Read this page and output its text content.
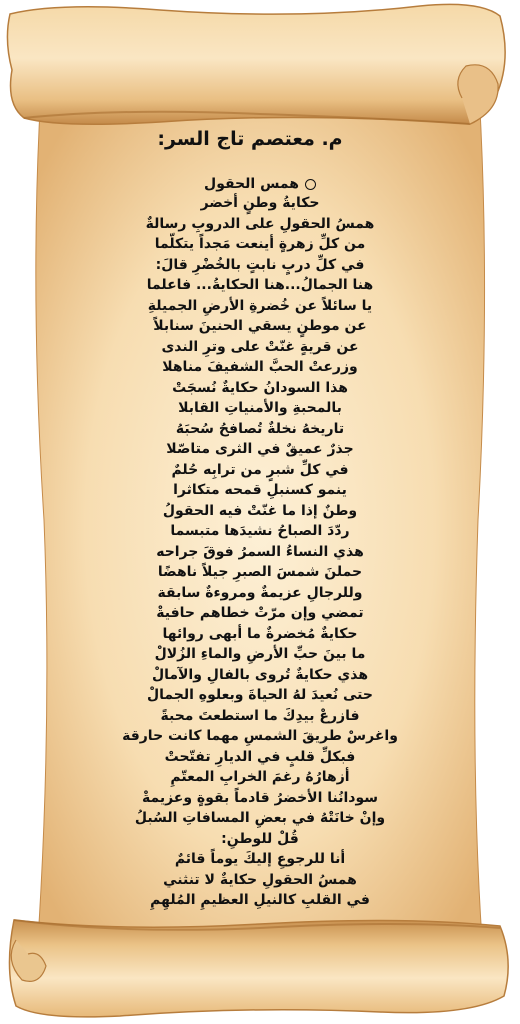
م. معتصم تاج السر:
همس الحقول
حكايةُ وطنٍ أخضر
همسُ الحقولِ على الدروبِ رسالةٌ
من كلِّ زهرةٍ أينعت مَجداً يتكلّما
في كلِّ دربٍ نابتٍ بالخُضْرِ قالَ:
هنا الجمالُ...هنا الحكايةُ... فاعلما
يا سائلاً عن خُضرةِ الأرضِ الجميلةِ
عن موطنٍ يسقي الحنينَ سنابلاً
عن قريةٍ غنّتْ على وترِ الندى
وزرعتْ الحبَّ الشفيفَ مناهلا
هذا السودانُ حكايةٌ نُسجَتْ
بالمحبةِ والأمنياتِ القابلا
تاريخهُ نخلةٌ تُصافحُ سُحبَهُ
جذرٌ عميقٌ في الثرى متاصّلا
في كلِّ شبرٍ من ترابِه حُلمٌ
ينمو كسنبلِ قمحه متكاثرا
وطنٌ إذا ما غنّتْ فيه الحقولُ
ردّدَ الصباحُ نشيدَها متبسما
هذي النساءُ السمرُ فوقَ جراحه
حملنَ شمسَ الصبرِ جيلاً ناهضًا
وللرجالِ عزيمةٌ ومروءةٌ سابقة
تمضي وإن مرّتْ خطاهم حافيةْ
حكايةٌ مُخضرةٌ ما أبهى روائها
ما بينَ حبِّ الأرضِ والماءِ الزُلالْ
هذي حكايةٌ تُروى بالفالِ والآمالْ
حتى نُعيدَ لهُ الحياةَ وبعلوهِ الجمالْ
فازرعْ بيدِكَ ما استطعتَ محبةً
واغرسْ طريقَ الشمسِ مهما كانت حارقة
فبكلِّ قلبٍ في الديارِ تفتّحتْ
أزهارُهُ رغمَ الخرابِ المعتّمِ
سودانُنا الأخضرُ قادماً بقوةٍ وعزيمةْ
وإنْ خانَتْهُ في بعضِ المسافاتِ السُبلُ
قُلْ للوطنِ:
أنا للرجوعِ إليكَ يوماً قائمٌ
همسُ الحقولِ حكايةٌ لا تنثني
في القلبِ كالنيلِ العظيمِ المُلهِمِ
